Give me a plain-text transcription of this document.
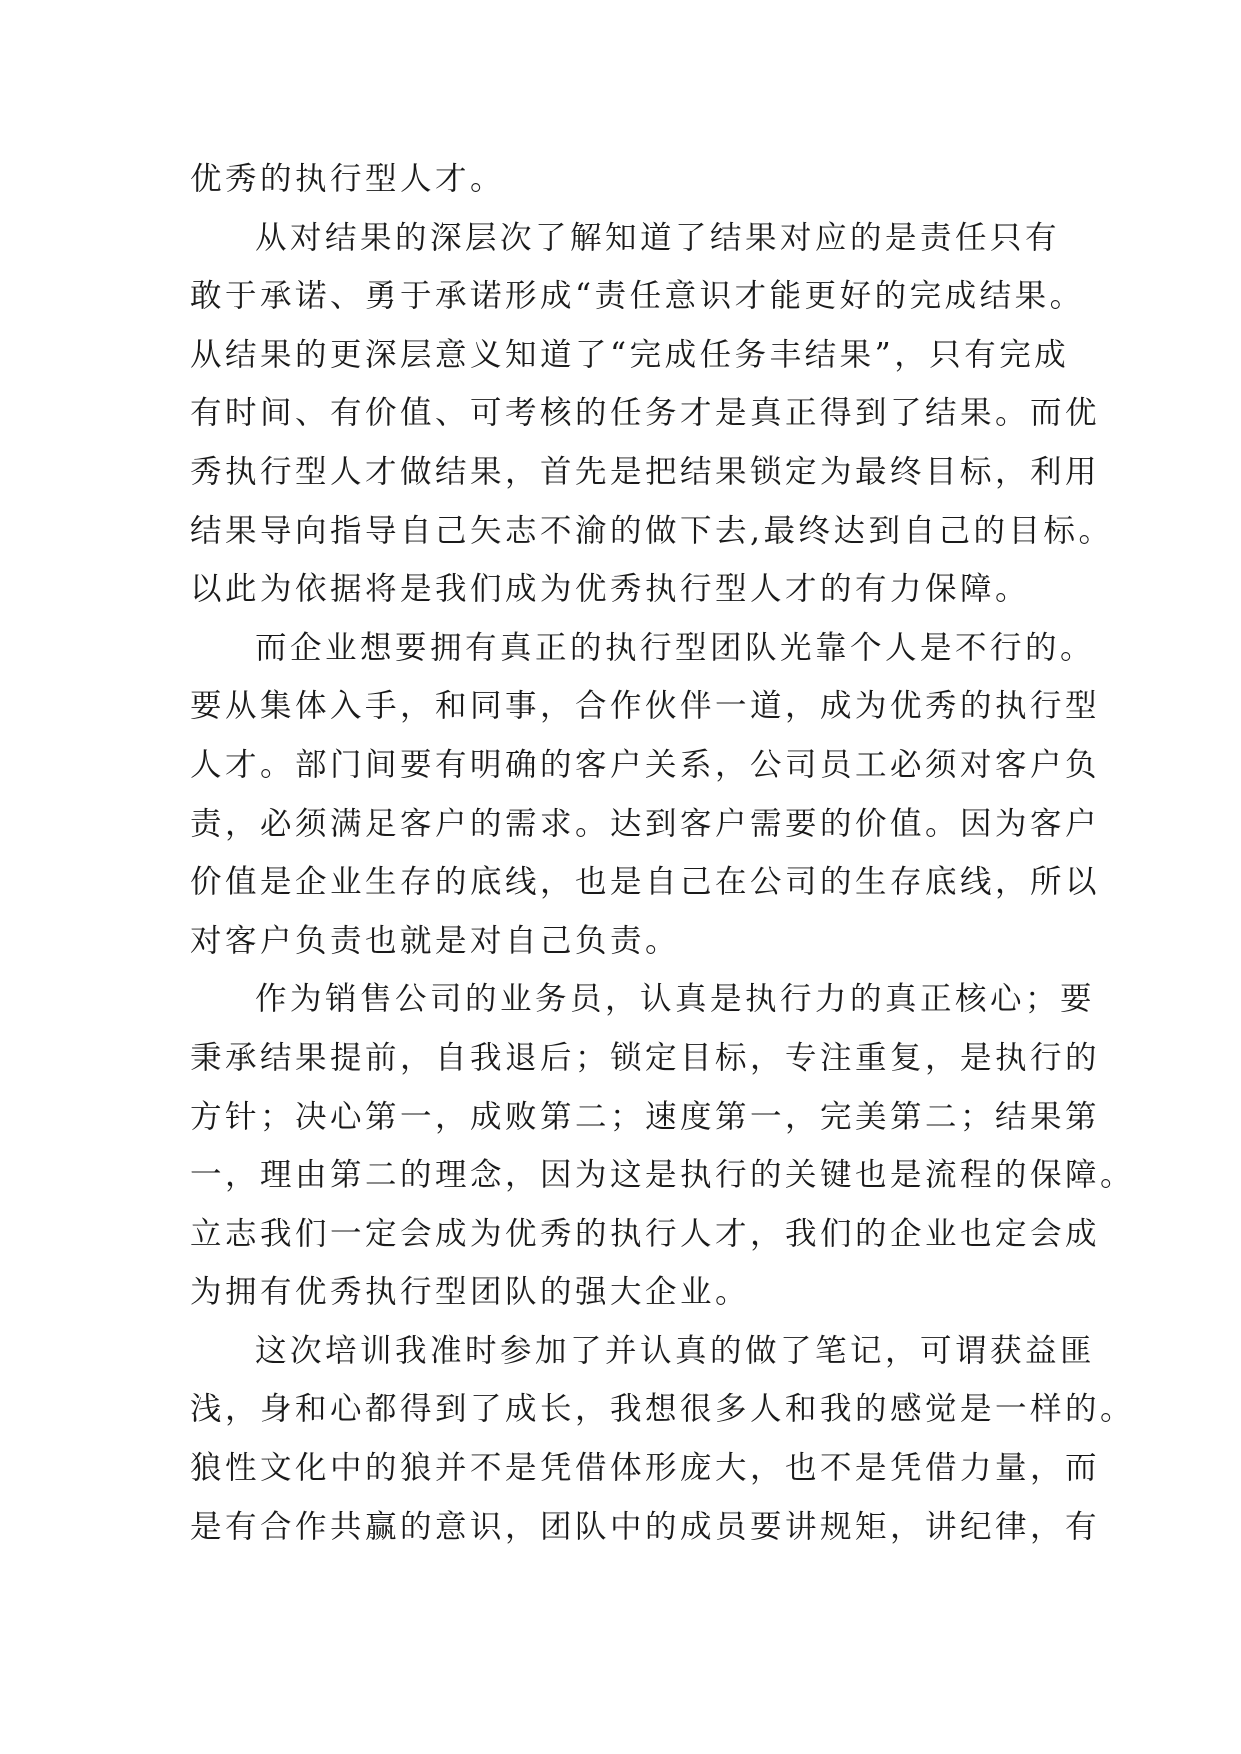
优秀的执行型人才。
从对结果的深层次了解知道了结果对应的是责任只有
敢于承诺、勇于承诺形成“责任意识才能更好的完成结果。
从结果的更深层意义知道了“完成任务丰结果”，只有完成
有时间、有价值、可考核的任务才是真正得到了结果。而优
秀执行型人才做结果，首先是把结果锁定为最终目标，利用
结果导向指导自己矢志不渝的做下去,最终达到自己的目标。
以此为依据将是我们成为优秀执行型人才的有力保障。
而企业想要拥有真正的执行型团队光靠个人是不行的。
要从集体入手，和同事，合作伙伴一道，成为优秀的执行型
人才。部门间要有明确的客户关系，公司员工必须对客户负
责，必须满足客户的需求。达到客户需要的价值。因为客户
价值是企业生存的底线，也是自己在公司的生存底线，所以
对客户负责也就是对自己负责。
作为销售公司的业务员，认真是执行力的真正核心；要
秉承结果提前，自我退后；锁定目标，专注重复，是执行的
方针；决心第一，成败第二；速度第一，完美第二；结果第
一，理由第二的理念，因为这是执行的关键也是流程的保障。
立志我们一定会成为优秀的执行人才，我们的企业也定会成
为拥有优秀执行型团队的强大企业。
这次培训我准时参加了并认真的做了笔记，可谓获益匪
浅，身和心都得到了成长，我想很多人和我的感觉是一样的。
狼性文化中的狼并不是凭借体形庞大，也不是凭借力量，而
是有合作共赢的意识，团队中的成员要讲规矩，讲纪律，有
